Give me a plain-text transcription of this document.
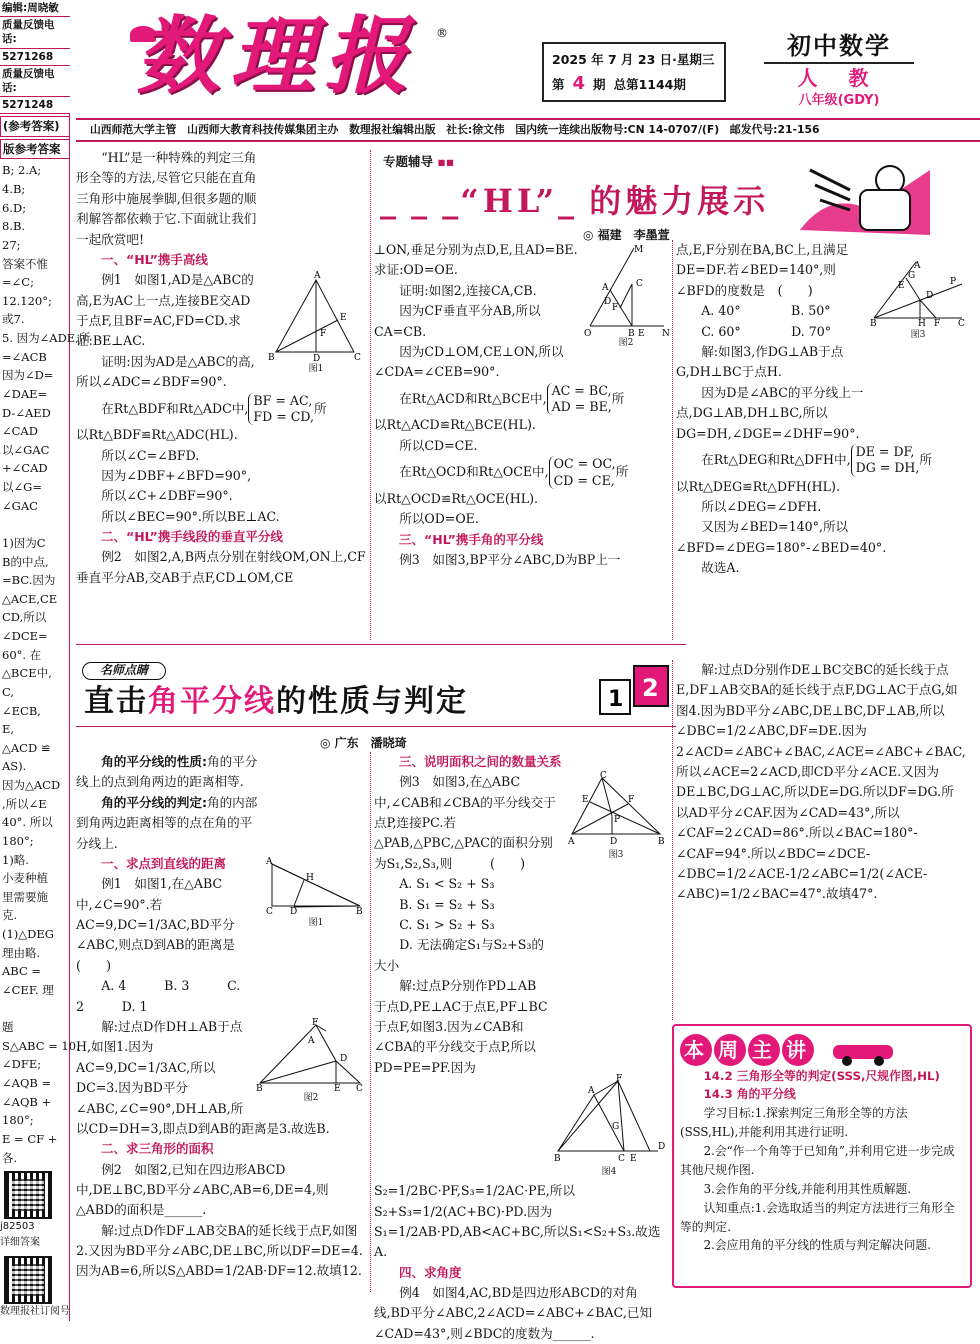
编辑:周晓敏
质量反馈电话:
5271268
质量反馈电话:
5271248
(参考答案)
版参考答案

B; 2.A;

4.B;

6.D;

8.B.

27;

答案不惟

=∠C;

12.120°;

或7.

5. 因为∠ADE,所

=∠ACB

因为∠D=

∠DAE=

D-∠AED

∠CAD

以∠GAC

+∠CAD

以∠G=

∠GAC

1)因为C

B的中点,

=BC.因为

△ACE,CE

CD,所以

∠DCE=

60°. 在

△BCE中,

C,

∠ECB,

E,

△ACD ≌

AS).

因为△ACD

,所以∠E

40°. 所以

180°;

1)略.

小麦种植

里需要施

克.

(1)△DEG

理由略.

ABC =

∠CEF. 理

题

S△ABC = 10.

∠DFE;

∠AQB =

∠AQB +

180°;

E = CF +

各.

j82503
详细答案
数理报社订阅号
数理报 ®
2025 年 7 月 23 日·星期三
第 4 期 总第1144期
初中数学
人 教
八年级(GDY)
山西师范大学主管　山西师大教育科技传媒集团主办　数理报社编辑出版　社长:徐文伟　国内统一连续出版物号:CN 14-0707/(F)　邮发代号:21-156
专题辅导 ▪▪
_ _ _“HL”_ 的魅力展示
◎ 福建　李墨萱
A
B	D	C
E
F
图1

“HL”是一种特殊的判定三角形全等的方法,尽管它只能在直角三角形中施展拳脚,但很多题的顺利解答都依赖于它.下面就让我们一起欣赏吧!

一、“HL”携手高线

例1　如图1,AD是△ABC的高,E为AC上一点,连接BE交AD于点F,且BF=AC,FD=CD.求证:BE⊥AC.

证明:因为AD是△ABC的高,所以∠ADC=∠BDF=90°.

在Rt△BDF和Rt△ADC中,BF = AC,
FD = CD,所

以Rt△BDF≌Rt△ADC(HL).

所以∠C=∠BFD.

因为∠DBF+∠BFD=90°,

所以∠C+∠DBF=90°.

所以∠BEC=90°.所以BE⊥AC.

二、“HL”携手线段的垂直平分线

例2　如图2,A,B两点分别在射线OM,ON上,CF垂直平分AB,交AB于点F,CD⊥OM,CE

M
N
O
A
B
C
D
E
F
图2

⊥ON,垂足分别为点D,E,且AD=BE.求证:OD=OE.

证明:如图2,连接CA,CB.

因为CF垂直平分AB,所以CA=CB.

因为CD⊥OM,CE⊥ON,所以∠CDA=∠CEB=90°.

在Rt△ACD和Rt△BCE中,AC = BC,
AD = BE,所

以Rt△ACD≌Rt△BCE(HL).

所以CD=CE.

在Rt△OCD和Rt△OCE中,OC = OC,
CD = CE,所

以Rt△OCD≌Rt△OCE(HL).

所以OD=OE.

三、“HL”携手角的平分线

例3　如图3,BP平分∠ABC,D为BP上一

A
B	C
G
E
D
P
H F
图3

点,E,F分别在BA,BC上,且满足DE=DF.若∠BED=140°,则∠BFD的度数是　(　　)

A. 40°　　　　B. 50°

C. 60°　　　　D. 70°

解:如图3,作DG⊥AB于点G,DH⊥BC于点H.

因为D是∠ABC的平分线上一点,DG⊥AB,DH⊥BC,所以DG=DH,∠DGE=∠DHF=90°.

在Rt△DEG和Rt△DFH中,DE = DF,
DG = DH,所

以Rt△DEG≌Rt△DFH(HL).

所以∠DEG=∠DFH.

又因为∠BED=140°,所以∠BFD=∠DEG=180°-∠BED=40°.

故选A.

名师点睛
直击角平分线的性质与判定	1 2
◎ 广东　潘晓琦
A
C D	B
H
图1
B
F
A
D
E C
图2

角的平分线的性质:角的平分线上的点到角两边的距离相等.

角的平分线的判定:角的内部到角两边距离相等的点在角的平分线上.

一、求点到直线的距离

例1　如图1,在△ABC中,∠C=90°.若AC=9,DC=1/3AC,BD平分∠ABC,则点D到AB的距离是　　　(　　)

A. 4　　　B. 3　　　C. 2　　　D. 1

解:过点D作DH⊥AB于点H,如图1.因为AC=9,DC=1/3AC,所以DC=3.因为BD平分∠ABC,∠C=90°,DH⊥AB,所以CD=DH=3,即点D到AB的距离是3.故选B.

二、求三角形的面积

例2　如图2,已知在四边形ABCD中,DE⊥BC,BD平分∠ABC,AB=6,DE=4,则△ABD的面积是______.

解:过点D作DF⊥AB交BA的延长线于点F,如图2.又因为BD平分∠ABC,DE⊥BC,所以DF=DE=4.因为AB=6,所以S△ABD=1/2AB·DF=12.故填12.

A
C
B
E	F
P
D
图3
B
A
F
C E
D
G
图4

三、说明面积之间的数量关系

例3　如图3,在△ABC中,∠CAB和∠CBA的平分线交于点P,连接PC.若△PAB,△PBC,△PAC的面积分别为S₁,S₂,S₃,则　　　(　　)

A. S₁ < S₂ + S₃

B. S₁ = S₂ + S₃

C. S₁ > S₂ + S₃

D. 无法确定S₁与S₂+S₃的大小

解:过点P分别作PD⊥AB于点D,PE⊥AC于点E,PF⊥BC于点F,如图3.因为∠CAB和∠CBA的平分线交于点P,所以PD=PE=PF.因为S₂=1/2BC·PF,S₃=1/2AC·PE,所以S₂+S₃=1/2(AC+BC)·PD.因为S₁=1/2AB·PD,AB<AC+BC,所以S₁<S₂+S₃.故选A.

四、求角度

例4　如图4,AC,BD是四边形ABCD的对角线,BD平分∠ABC,2∠ACD=∠ABC+∠BAC,已知∠CAD=43°,则∠BDC的度数为______.

解:过点D分别作DE⊥BC交BC的延长线于点E,DF⊥AB交BA的延长线于点F,DG⊥AC于点G,如图4.因为BD平分∠ABC,DE⊥BC,DF⊥AB,所以∠DBC=1/2∠ABC,DF=DE.因为2∠ACD=∠ABC+∠BAC,∠ACE=∠ABC+∠BAC,所以∠ACE=2∠ACD,即CD平分∠ACE.又因为DE⊥BC,DG⊥AC,所以DE=DG.所以DF=DG.所以AD平分∠CAF.因为∠CAD=43°,所以∠CAF=2∠CAD=86°.所以∠BAC=180°-∠CAF=94°.所以∠BDC=∠DCE-∠DBC=1/2∠ACE-1/2∠ABC=1/2(∠ACE-∠ABC)=1/2∠BAC=47°.故填47°.

本 周 主 讲

14.2 三角形全等的判定(SSS,尺规作图,HL)

14.3 角的平分线

学习目标:1.探索判定三角形全等的方法(SSS,HL),并能利用其进行证明.

2.会“作一个角等于已知角”,并利用它进一步完成其他尺规作图.

3.会作角的平分线,并能利用其性质解题.

认知重点:1.会选取适当的判定方法进行三角形全等的判定.

2.会应用角的平分线的性质与判定解决问题.
